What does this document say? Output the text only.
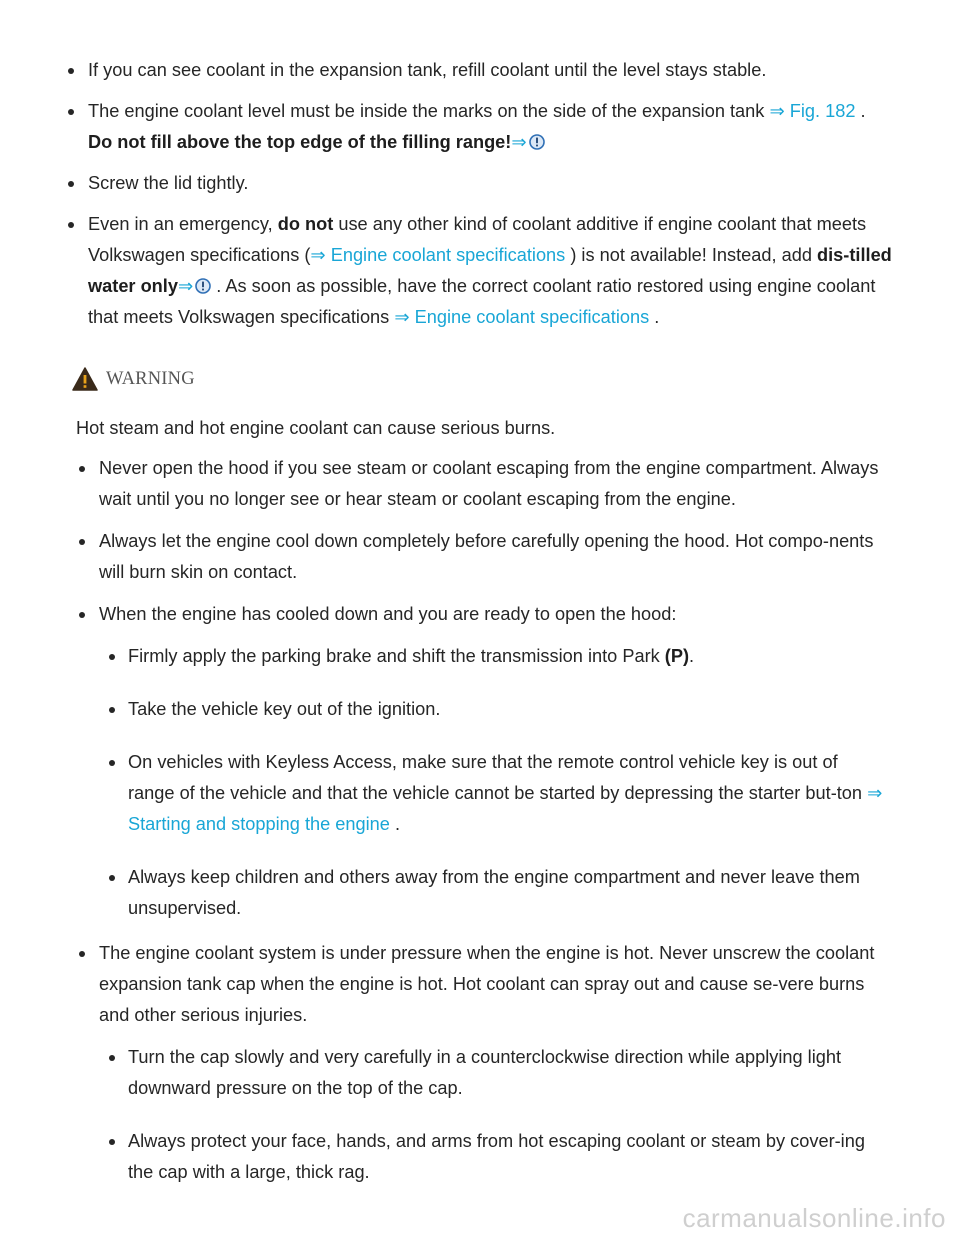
If you can see coolant in the expansion tank, refill coolant until the level stays stable.
The engine coolant level must be inside the marks on the side of the expansion tank ⇒ Fig. 182 .
Do not fill above the top edge of the filling range!⇒
Screw the lid tightly.
Even in an emergency, do not use any other kind of coolant additive if engine coolant that meets Volkswagen specifications (⇒ Engine coolant specifications ) is not available! Instead, add dis-tilled water only⇒ . As soon as possible, have the correct coolant ratio restored using engine coolant that meets Volkswagen specifications ⇒ Engine coolant specifications .
WARNING
Hot steam and hot engine coolant can cause serious burns.
Never open the hood if you see steam or coolant escaping from the engine compartment. Always wait until you no longer see or hear steam or coolant escaping from the engine.
Always let the engine cool down completely before carefully opening the hood. Hot compo-nents will burn skin on contact.
When the engine has cooled down and you are ready to open the hood:
Firmly apply the parking brake and shift the transmission into Park (P).
Take the vehicle key out of the ignition.
On vehicles with Keyless Access, make sure that the remote control vehicle key is out of range of the vehicle and that the vehicle cannot be started by depressing the starter but-ton ⇒ Starting and stopping the engine .
Always keep children and others away from the engine compartment and never leave them unsupervised.
The engine coolant system is under pressure when the engine is hot. Never unscrew the coolant expansion tank cap when the engine is hot. Hot coolant can spray out and cause se-vere burns and other serious injuries.
Turn the cap slowly and very carefully in a counterclockwise direction while applying light downward pressure on the top of the cap.
Always protect your face, hands, and arms from hot escaping coolant or steam by cover-ing the cap with a large, thick rag.
carmanualsonline.info
